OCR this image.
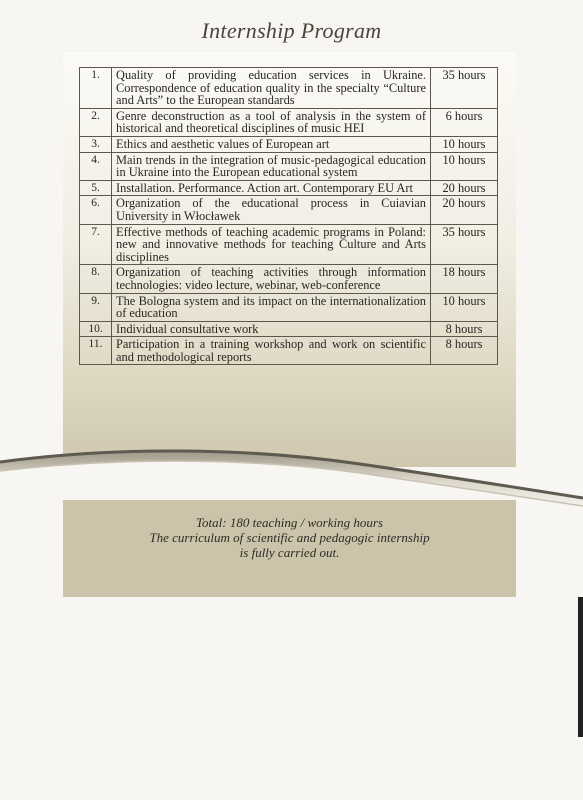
Internship Program
1.	Quality of providing education services in Ukraine. Correspondence of education quality in the specialty “Culture and Arts” to the European standards	35 hours
2.	Genre deconstruction as a tool of analysis in the system of historical and theoretical disciplines of music HEI	6 hours
3.	Ethics and aesthetic values of European art	10 hours
4.	Main trends in the integration of music-pedagogical education in Ukraine into the European educational system	10 hours
5.	Installation. Performance. Action art. Contemporary EU Art	20 hours
6.	Organization of the educational process in Cuiavian University in Włocławek	20 hours
7.	Effective methods of teaching academic programs in Poland: new and innovative methods for teaching Culture and Arts disciplines	35 hours
8.	Organization of teaching activities through information technologies: video lecture, webinar, web-conference	18 hours
9.	The Bologna system and its impact on the internationalization of education	10 hours
10.	Individual consultative work	8 hours
11.	Participation in a training workshop and work on scientific and methodological reports	8 hours
Total: 180 teaching / working hours
The curriculum of scientific and pedagogic internship
is fully carried out.
